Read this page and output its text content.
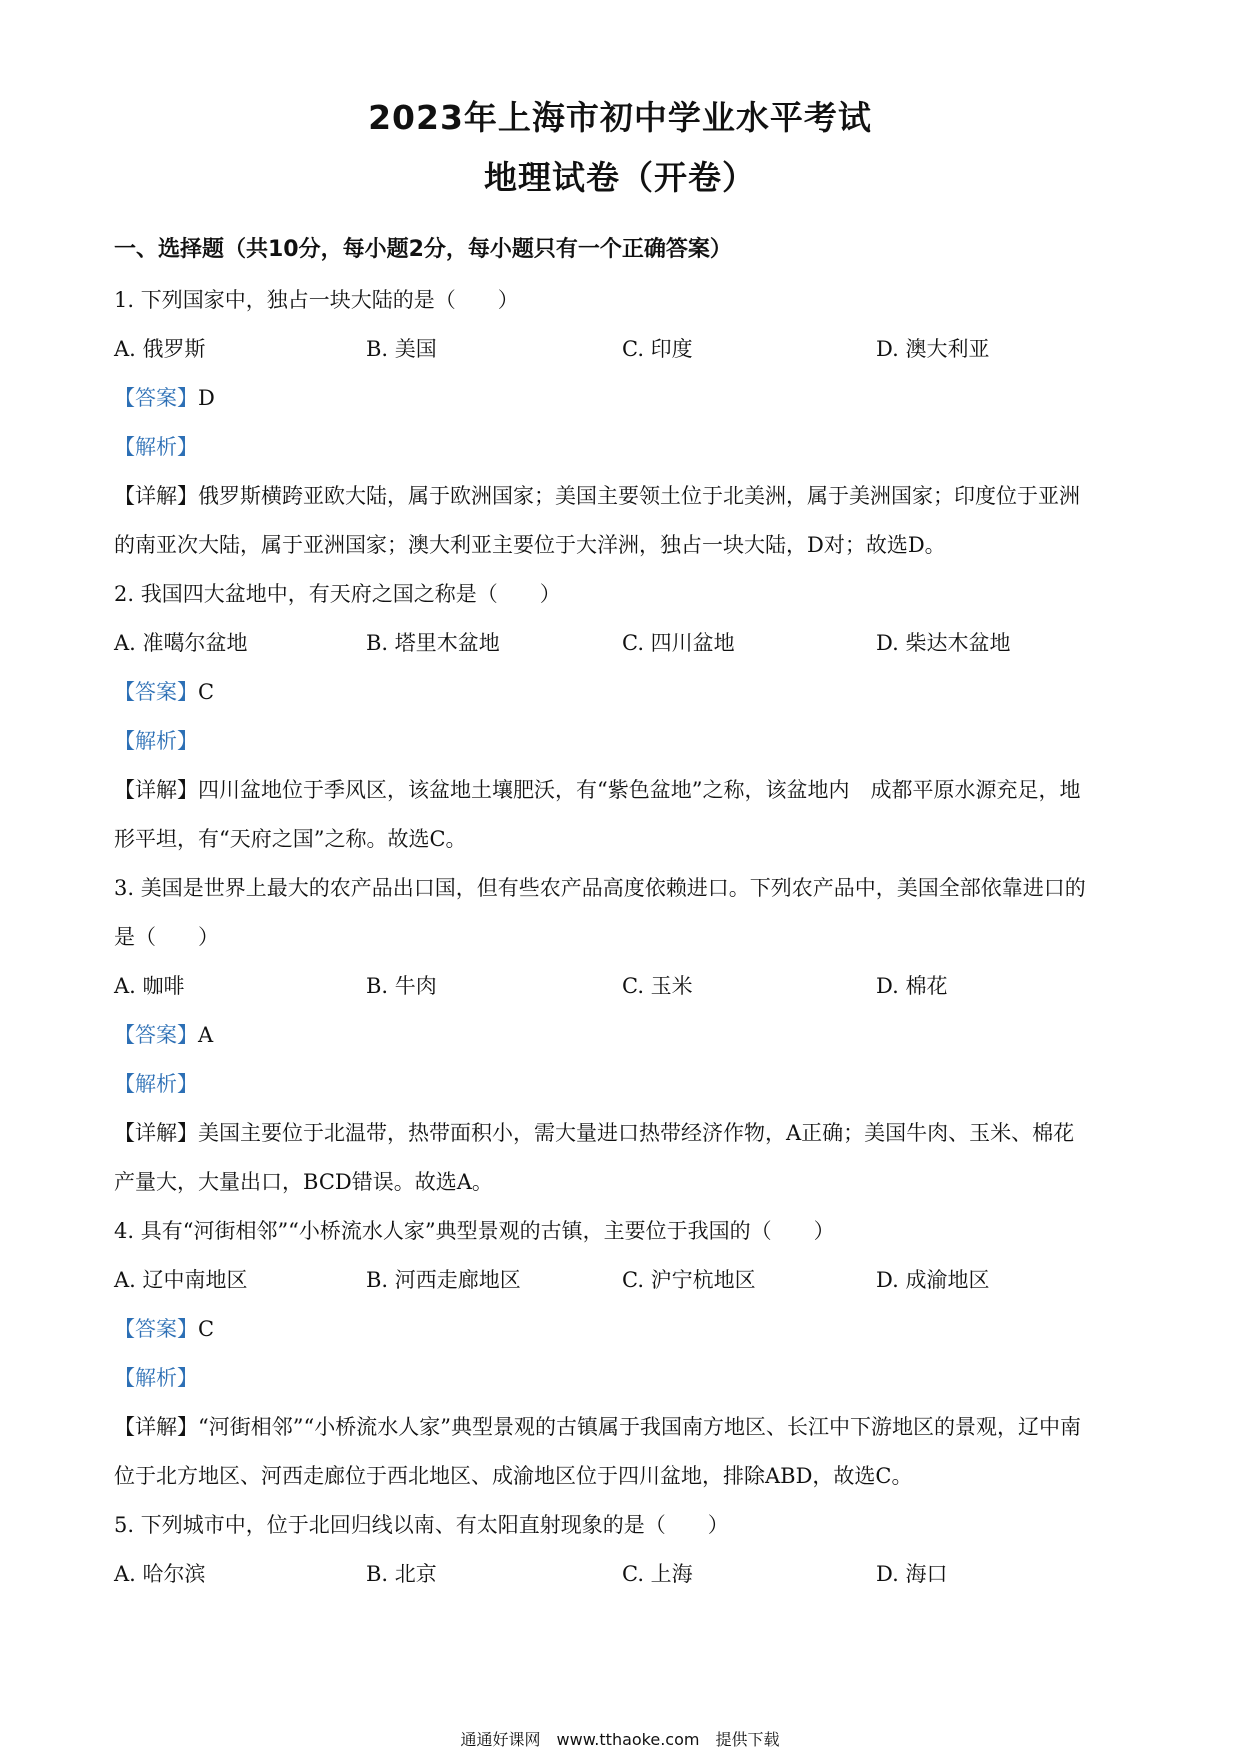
2023年上海市初中学业水平考试
地理试卷（开卷）
一、选择题（共10分，每小题2分，每小题只有一个正确答案）
1. 下列国家中，独占一块大陆的是（　　）
A. 俄罗斯	B. 美国	C. 印度	D. 澳大利亚
【答案】D
【解析】
【详解】俄罗斯横跨亚欧大陆，属于欧洲国家；美国主要领土位于北美洲，属于美洲国家；印度位于亚洲
的南亚次大陆，属于亚洲国家；澳大利亚主要位于大洋洲，独占一块大陆，D对；故选D。
2. 我国四大盆地中，有天府之国之称是（　　）
A. 准噶尔盆地	B. 塔里木盆地	C. 四川盆地	D. 柴达木盆地
【答案】C
【解析】
【详解】四川盆地位于季风区，该盆地土壤肥沃，有“紫色盆地”之称，该盆地内　成都平原水源充足，地
形平坦，有“天府之国”之称。故选C。
3. 美国是世界上最大的农产品出口国，但有些农产品高度依赖进口。下列农产品中，美国全部依靠进口的
是（　　）
A. 咖啡	B. 牛肉	C. 玉米	D. 棉花
【答案】A
【解析】
【详解】美国主要位于北温带，热带面积小，需大量进口热带经济作物，A正确；美国牛肉、玉米、棉花
产量大，大量出口，BCD错误。故选A。
4. 具有“河街相邻”“小桥流水人家”典型景观的古镇，主要位于我国的（　　）
A. 辽中南地区	B. 河西走廊地区	C. 沪宁杭地区	D. 成渝地区
【答案】C
【解析】
【详解】“河街相邻”“小桥流水人家”典型景观的古镇属于我国南方地区、长江中下游地区的景观，辽中南
位于北方地区、河西走廊位于西北地区、成渝地区位于四川盆地，排除ABD，故选C。
5. 下列城市中，位于北回归线以南、有太阳直射现象的是（　　）
A. 哈尔滨	B. 北京	C. 上海	D. 海口
通通好课网　www.tthaoke.com　提供下载
